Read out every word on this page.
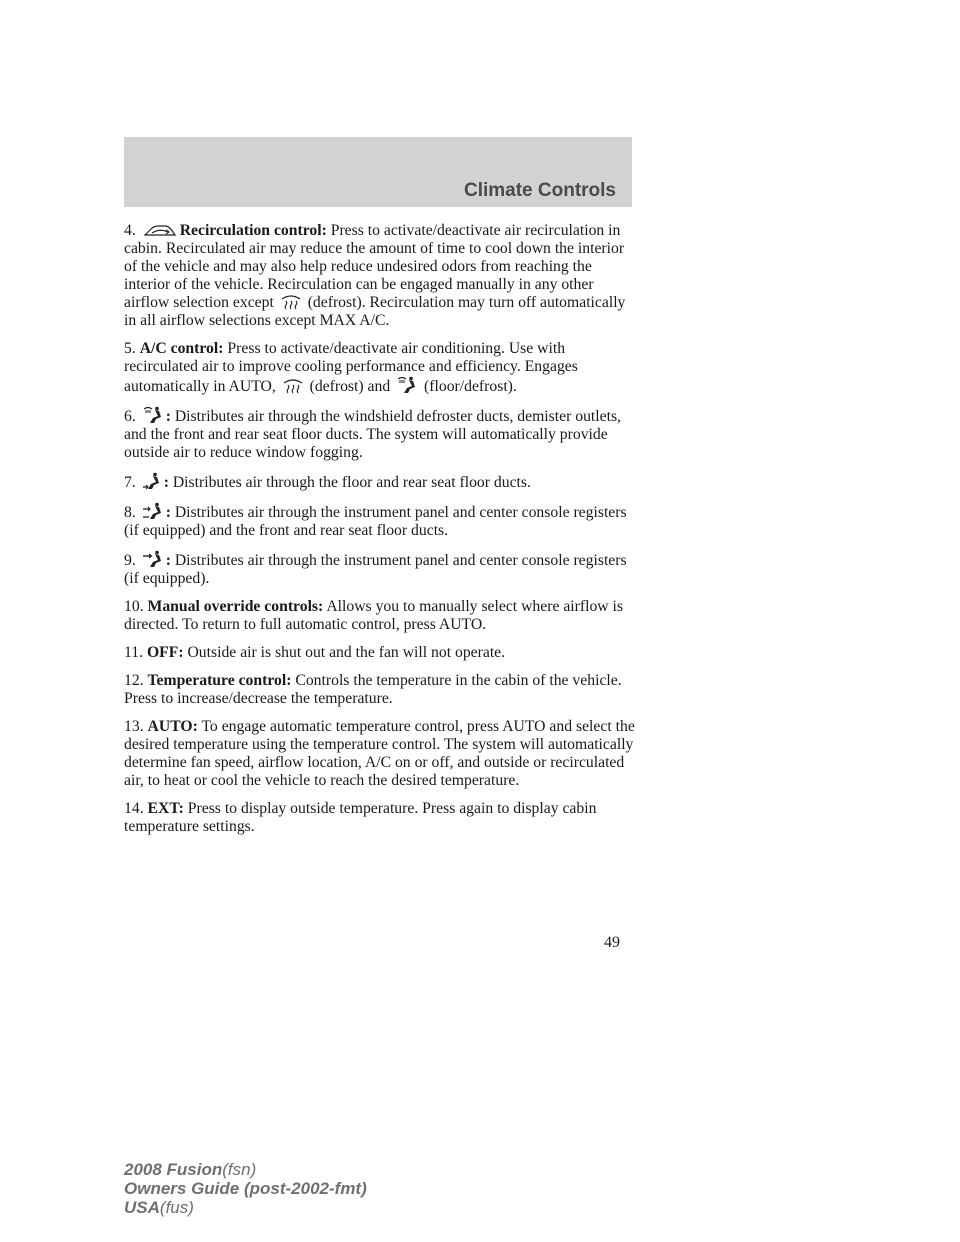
Climate Controls

4.	Recirculation control: Press to activate/deactivate air recirculation in cabin. Recirculated air may reduce the amount of time to cool down the interior of the vehicle and may also help reduce undesired odors from reaching the interior of the vehicle. Recirculation can be engaged manually in any other airflow selection except (defrost). Recirculation may turn off automatically in all airflow selections except MAX A/C.

5. A/C control: Press to activate/deactivate air conditioning. Use with recirculated air to improve cooling performance and efficiency. Engages automatically in AUTO, (defrost) and (floor/defrost).

6. : Distributes air through the windshield defroster ducts, demister outlets, and the front and rear seat floor ducts. The system will automatically provide outside air to reduce window fogging.

7. : Distributes air through the floor and rear seat floor ducts.

8. : Distributes air through the instrument panel and center console registers (if equipped) and the front and rear seat floor ducts.

9. : Distributes air through the instrument panel and center console registers (if equipped).

10. Manual override controls: Allows you to manually select where airflow is directed. To return to full automatic control, press AUTO.

11. OFF: Outside air is shut out and the fan will not operate.

12. Temperature control: Controls the temperature in the cabin of the vehicle. Press to increase/decrease the temperature.

13. AUTO: To engage automatic temperature control, press AUTO and select the desired temperature using the temperature control. The system will automatically determine fan speed, airflow location, A/C on or off, and outside or recirculated air, to heat or cool the vehicle to reach the desired temperature.

14. EXT: Press to display outside temperature. Press again to display cabin temperature settings.

49
2008 Fusion(fsn)
Owners Guide (post-2002-fmt)
USA(fus)
